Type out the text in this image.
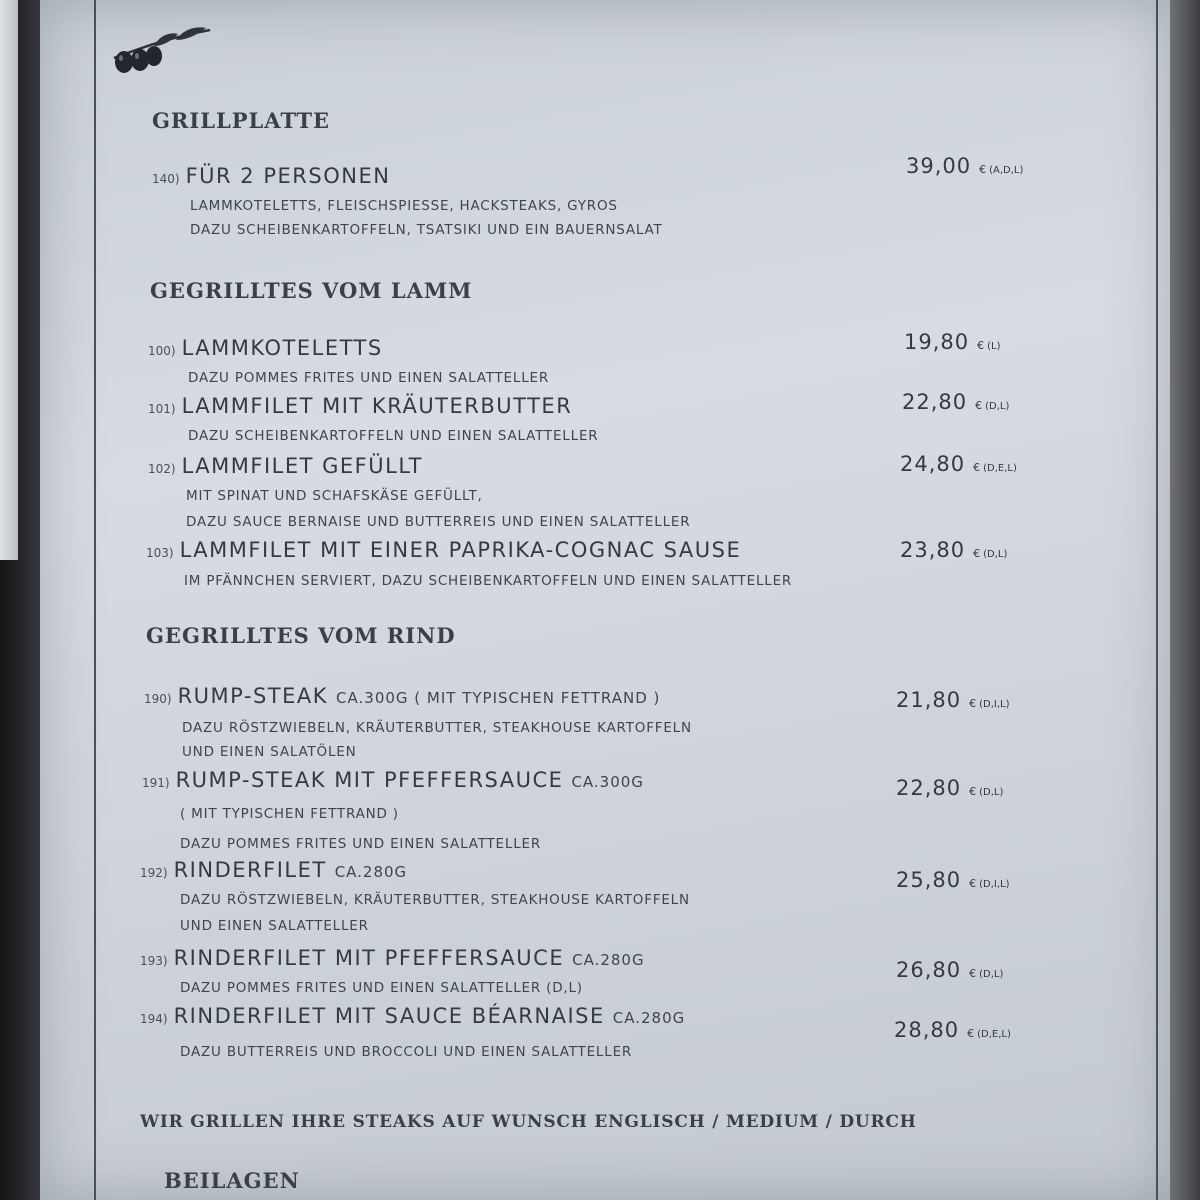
GRILLPLATTE
140) FÜR 2 PERSONEN	39,00 € (A,D,L)
LAMMKOTELETTS, FLEISCHSPIESSE, HACKSTEAKS, GYROS
DAZU SCHEIBENKARTOFFELN, TSATSIKI UND EIN BAUERNSALAT
GEGRILLTES VOM LAMM
100) LAMMKOTELETTS	19,80 € (L)
DAZU POMMES FRITES UND EINEN SALATTELLER
101) LAMMFILET MIT KRÄUTERBUTTER	22,80 € (D,L)
DAZU SCHEIBENKARTOFFELN UND EINEN SALATTELLER
102) LAMMFILET GEFÜLLT	24,80 € (D,E,L)
MIT SPINAT UND SCHAFSKÄSE GEFÜLLT,
DAZU SAUCE BERNAISE UND BUTTERREIS UND EINEN SALATTELLER
103) LAMMFILET MIT EINER PAPRIKA-COGNAC SAUSE	23,80 € (D,L)
IM PFÄNNCHEN SERVIERT, DAZU SCHEIBENKARTOFFELN UND EINEN SALATTELLER
GEGRILLTES VOM RIND
190) RUMP-STEAK CA.300G ( MIT TYPISCHEN FETTRAND )	21,80 € (D,I,L)
DAZU RÖSTZWIEBELN, KRÄUTERBUTTER, STEAKHOUSE KARTOFFELN
UND EINEN SALATÖLEN
191) RUMP-STEAK MIT PFEFFERSAUCE CA.300G	22,80 € (D,L)
( MIT TYPISCHEN FETTRAND )
DAZU POMMES FRITES UND EINEN SALATTELLER
192) RINDERFILET CA.280G	25,80 € (D,I,L)
DAZU RÖSTZWIEBELN, KRÄUTERBUTTER, STEAKHOUSE KARTOFFELN
UND EINEN SALATTELLER
193) RINDERFILET MIT PFEFFERSAUCE CA.280G	26,80 € (D,L)
DAZU POMMES FRITES UND EINEN SALATTELLER (D,L)
194) RINDERFILET MIT SAUCE BÉARNAISE CA.280G	28,80 € (D,E,L)
DAZU BUTTERREIS UND BROCCOLI UND EINEN SALATTELLER
WIR GRILLEN IHRE STEAKS AUF WUNSCH ENGLISCH / MEDIUM / DURCH
BEILAGEN
